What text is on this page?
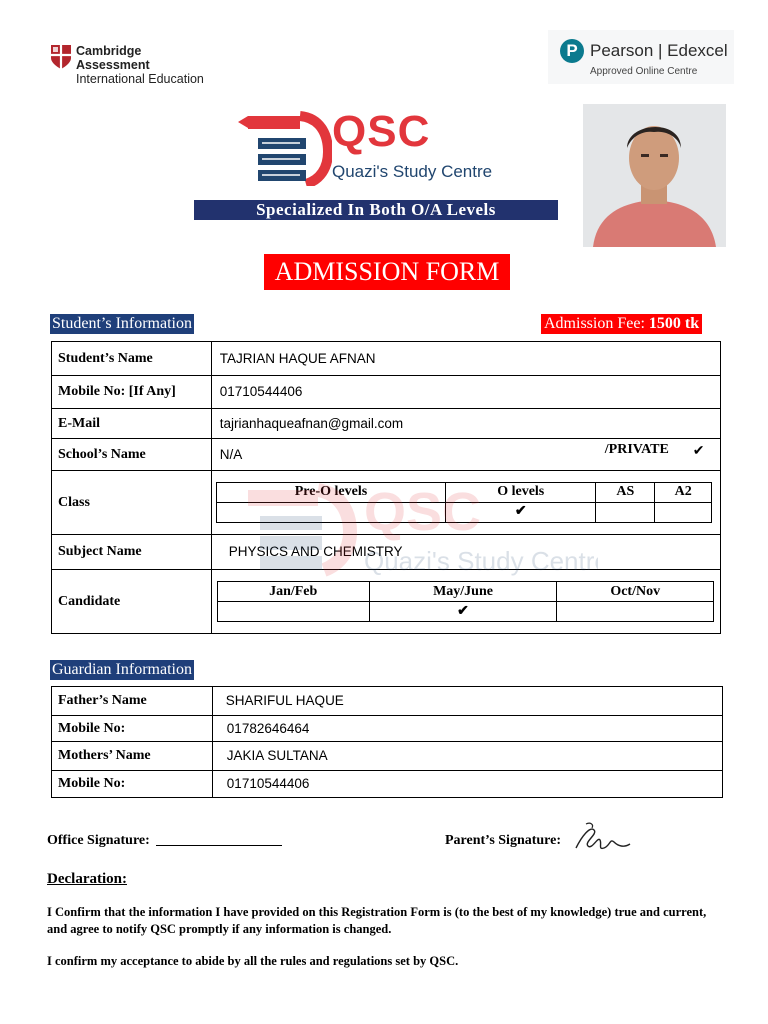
Cambridge Assessment
International Education
P Pearson | Edexcel
Approved Online Centre
QSC
Quazi's Study Centre
Specialized In Both O/A Levels
ADMISSION FORM
Student’s Information	Admission Fee: 1500 tk
Student’s Name	TAJRIAN HAQUE AFNAN
Mobile No: [If Any]	01710544406
E-Mail	tajrianhaqueafnan@gmail.com
School’s Name	N/A	/PRIVATE ✔

Class	
Pre-O levels	O levels	AS	A2
	✔		

Subject Name	PHYSICS AND CHEMISTRY
Candidate	
Jan/Feb	May/June	Oct/Nov
	✔	
QSC
Quazi's Study Centre
Guardian Information
Father’s Name	SHARIFUL HAQUE
Mobile No:	01782646464
Mothers’ Name	JAKIA SULTANA
Mobile No:	01710544406
Office Signature:	Parent’s Signature:
Declaration:
I Confirm that the information I have provided on this Registration Form is (to the best of my knowledge) true and current, and agree to notify QSC promptly if any information is changed.
I confirm my acceptance to abide by all the rules and regulations set by QSC.
